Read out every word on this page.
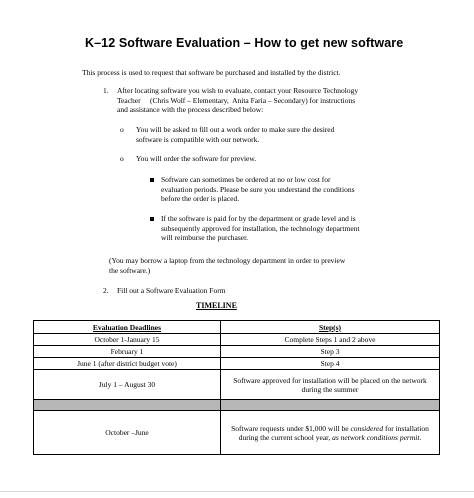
K–12 Software Evaluation – How to get new software
This process is used to request that software be purchased and installed by the district.
1. After locating software you wish to evaluate, contact your Resource Technology
Teacher     (Chris Wolf – Elementary,  Anita Faria – Secondary) for instructions
and assistance with the process described below:
o You will be asked to fill out a work order to make sure the desired
software is compatible with our network.
o You will order the software for preview.
Software can sometimes be ordered at no or low cost for
evaluation periods. Please be sure you understand the conditions
before the order is placed.
If the software is paid for by the department or grade level and is
subsequently approved for installation, the technology department
will reimburse the purchaser.
(You may borrow a laptop from the technology department in order to preview
the software.)
2. Fill out a Software Evaluation Form
TIMELINE
Evaluation Deadlines	Step(s)
October 1-January 15	Complete Steps 1 and 2 above
February 1	Step 3
June 1 (after district budget vote)	Step 4
July 1 – August 30	Software approved for installation will be placed on the network during the summer

October –June	Software requests under $1,000 will be considered for installation during the current school year, as network conditions permit.
